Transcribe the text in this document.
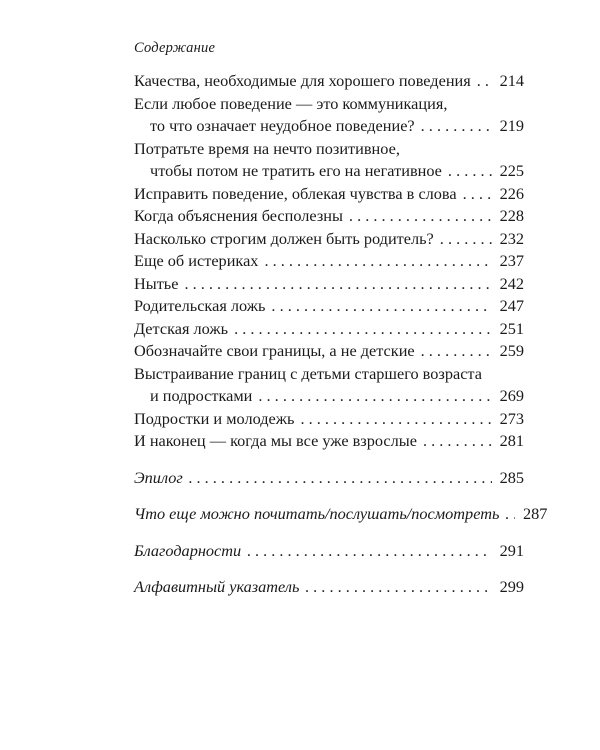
Содержание
Качества, необходимые для хорошего поведения . . . 214
Если любое поведение — это коммуникация,
то что означает неудобное поведение? . . .	219
Потратьте время на нечто позитивное,
чтобы потом не тратить его на негативное . . .	225
Исправить поведение, облекая чувства в слова . . .	226
Когда объяснения бесполезны . . .	228
Насколько строгим должен быть родитель? . . .	232
Еще об истериках . . .	237
Нытье . . .	242
Родительская ложь . . .	247
Детская ложь . . .	251
Обозначайте свои границы, а не детские . . .	259
Выстраивание границ с детьми старшего возраста
и подростками . . .	269
Подростки и молодежь . . .	273
И наконец — когда мы все уже взрослые . . .	281
Эпилог . . .	285
Что еще можно почитать/послушать/посмотреть . . . 287
Благодарности . . .	291
Алфавитный указатель . . .	299
